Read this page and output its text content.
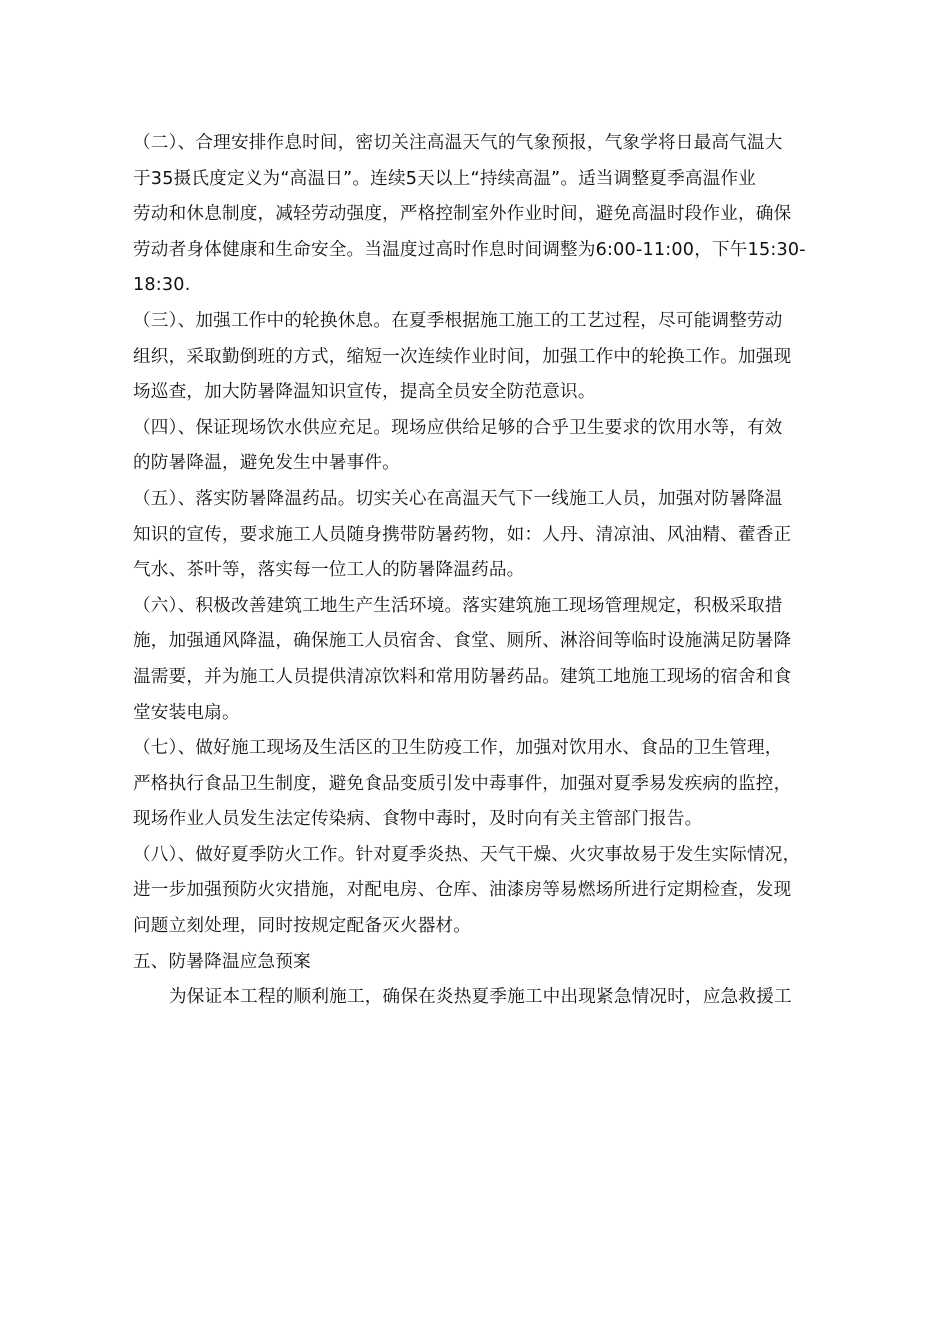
（二）、合理安排作息时间，密切关注高温天气的气象预报，气象学将日最高气温大
于35摄氏度定义为“高温日”。连续5天以上“持续高温”。适当调整夏季高温作业
劳动和休息制度，减轻劳动强度，严格控制室外作业时间，避免高温时段作业，确保
劳动者身体健康和生命安全。当温度过高时作息时间调整为6:00-11:00，下午15:30-
18:30.
（三）、加强工作中的轮换休息。在夏季根据施工施工的工艺过程，尽可能调整劳动
组织，采取勤倒班的方式，缩短一次连续作业时间，加强工作中的轮换工作。加强现
场巡查，加大防暑降温知识宣传，提高全员安全防范意识。
（四）、保证现场饮水供应充足。现场应供给足够的合乎卫生要求的饮用水等，有效
的防暑降温，避免发生中暑事件。
（五）、落实防暑降温药品。切实关心在高温天气下一线施工人员，加强对防暑降温
知识的宣传，要求施工人员随身携带防暑药物，如：人丹、清凉油、风油精、藿香正
气水、茶叶等，落实每一位工人的防暑降温药品。
（六）、积极改善建筑工地生产生活环境。落实建筑施工现场管理规定，积极采取措
施，加强通风降温，确保施工人员宿舍、食堂、厕所、淋浴间等临时设施满足防暑降
温需要，并为施工人员提供清凉饮料和常用防暑药品。建筑工地施工现场的宿舍和食
堂安装电扇。
（七）、做好施工现场及生活区的卫生防疫工作，加强对饮用水、食品的卫生管理，
严格执行食品卫生制度，避免食品变质引发中毒事件，加强对夏季易发疾病的监控，
现场作业人员发生法定传染病、食物中毒时，及时向有关主管部门报告。
（八）、做好夏季防火工作。针对夏季炎热、天气干燥、火灾事故易于发生实际情况，
进一步加强预防火灾措施，对配电房、仓库、油漆房等易燃场所进行定期检查，发现
问题立刻处理，同时按规定配备灭火器材。
五、防暑降温应急预案
为保证本工程的顺利施工，确保在炎热夏季施工中出现紧急情况时，应急救援工
